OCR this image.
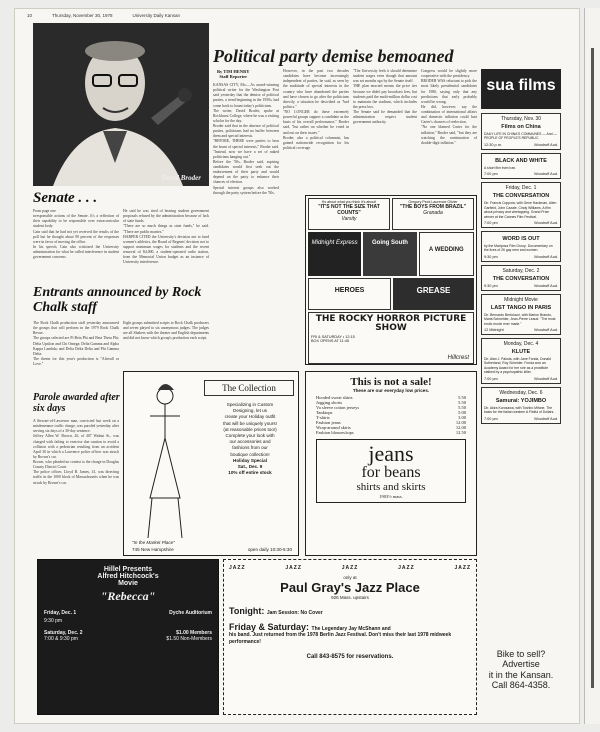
10	Thursday, November 30, 1978	University Daily Kansan
David Broder
Political party demise bemoaned
By TIM HENRY
Staff Reporter

KANSAS CITY, Mo.—As award-winning political writer for the Washington Post said yesterday that the demise of political parties, a trend beginning in the 1950s, had come back to haunt today's politicians.

The writer, David Broder, spoke at Rockhurst College, where he was a visiting scholar for the day.

Broder said that in the absence of political parties, politicians had no buffer between them and special interests.

"BEFORE, THERE were parties to bear the brunt of special interests," Broder said. "Instead, now we have a set of naked politicians hanging out."

Before the '50s, Broder said, aspiring candidates would first seek out the endorsement of their party and would depend on the party to enhance their chances of election.

Special interest groups also worked through the party system before the '50s.

However, in the past two decades candidates have become increasingly independent of parties, he said, as seen by the multitude of special interests in the country who have abandoned the parties and have chosen to go after the politicians directly, a situation he described as "bad politics."

"NO LONGER do these extremely powerful groups support a candidate as the basis of his overall performance," Broder said, "but rather on whether he voted in and out on their issues."

Broder, also a political columnist, has gained nationwide recognition for his political coverage.

"The University feels it should determine student wages even though that amount was set months ago by the Senate itself.

THE plan enacted means the price tier because we didn't pay broadcast fees, but students paid the multi-million dollar cost to maintain the stadium, which includes the press box.

The Senate said he demanded that the administration respect student government authority.

Congress would be slightly more cooperative with the presidency.

BRODER WAS reluctant to pick the most likely presidential candidates for 1980, saying only that any predictions that early probably would be wrong.

He did, however, say the combination of international affairs and domestic inflation could hurt Carter's chances of reelection.

"No one blamed Carter for the inflation," Broder said, "but they are watching the continuation of double-digit inflation."

Senate . . .

From page one

irresponsible actions of the Senate. It's a reflection of their capability to be responsible over extracurricular student body.

Cain said that he had not yet received the results of the poll but he thought about 90 percent of the responses were in favor of moving the office.

In his speech, Cain also criticized the University administration for what he called interference in student government concerns.

He said he was tired of hearing student government proposals refused by the administration because of lack of state funds.

"There are so much things as state funds," he said. "There are public monies."

HARPER CITED the University's decision not to fund women's athletics, the Board of Regents' decision not to support minimum wages for students and the recent removal of $4,000, a student-operated radio station, from the Memorial Union budget as an instance of University interference.

Entrants announced by Rock Chalk staff

The Rock Chalk production staff yesterday announced the groups that will perform in the 1979 Rock Chalk Revue.

The groups selected are Pi Beta Phi and Beta Theta Phi; Delta Upsilon and Chi Omega; Delta Gamma and Alpha Kappa Lambda; and Delta Delta Delta and Phi Gamma Delta.

The theme for this year's production is "Afterall or Love."

Eight groups submitted scripts to Rock Chalk producers and seven played to six anonymous judges. The judges are all Shakers with the theater and English departments and did not know which group's production each script.

Parole awarded after six days

A Stewart-of-Lawrence man, convicted last week on a misdemeanor traffic charge, was paroled yesterday after serving six days of a 30-day sentence.

Jeffrey Allen W. Brown, 26, of 407 Walnut St., was charged with failing to exercise due caution to avoid a collision with a pedestrian resulting from an accident April 30 in which a Lawrence police officer was struck by Brown's car.

Brown, who pleaded no contest to the charge in Douglas County District Court.

The police officer, Lloyd B. James, 41, was directing traffic in the 1000 block of Massachusetts when he was struck by Brown's car.

It's about what you think it's about!
"IT'S NOT THE SIZE THAT COUNTS"
Varsity
Gregory Peck Laurence Olivier
"THE BOYS FROM BRAZIL"
Granada
Midnight Express	Going South
A WEDDING
HEROES	GREASE
THE ROCKY HORROR PICTURE SHOW
FRI & SATURDAY • 12:15
BOX OPENS AT 11:45
Hillcrest
The Collection
Specializing in Custom
Designing, let us
create your Holiday outfit
that will be uniquely yours!
(at reasonable prices too!)
Complete your look with
our accessories and
fashions from our
boutique collection!
Holiday Special
Sat., Dec. 9
10% off entire stock
"In the Market Place"
745 New Hampshire	open daily 10:30-5:30
This is not a sale!
These are our everyday low prices.
Hooded sweat shirts	5.50
Jogging shorts	5.50
Va sleeve cotton jerseys	5.50
Tanktops	5.00
T-shirts	3.00
Fashion jeans	12.00
Wrap-around skirts	12.00
Fashion blouses/tops	12.50
jeans
for beans
shirts and skirts
1903½ mass.
Hillel Presents
Alfred Hitchcock's
Movie
"Rebecca"
Friday, Dec. 1	Dyche Auditorium
9:30 pm
Saturday, Dec. 2	$1.00 Members
7:00 & 9:30 pm	$1.50 Non-Members
JAZZ	JAZZ	JAZZ	JAZZ	JAZZ
only at
Paul Gray's Jazz Place
926 Mass. upstairs
Tonight: Jam Session: No Cover
Friday & Saturday: The Legendary Jay McShann and
his band. Just returned from the 1978 Berlin Jazz Festival. Don't miss their last 1978 midweek performance!
Call 843-8575 for reservations.
sua films
Thursday, Nov. 30
Films on China
DAILY LIFE IN CHINA'S COMMUNES — And — PEOPLE OF PEOPLE'S REPUBLIC
12:30 p.m.	Woodruff Aud.
BLACK AND WHITE
A short film from Iran.
7:00 pm	Woodruff Aud.
Friday, Dec. 1
THE CONVERSATION
Dir. Francis Coppola, with Gene Hackman, Allen Garfield, John Cazale, Cindy Williams. A film about privacy and wiretapping. Grand Prize winner at the Cannes Film Festival.
7:00 pm	Woodruff Aud.
WORD IS OUT
by the Mariposa Film Group. Documentary on the lives of 26 gay men and women.
9:30 pm	Woodruff Aud.
Saturday, Dec. 2
THE CONVERSATION
9:30 pm	Woodruff Aud.
Midnight Movie
LAST TANGO IN PARIS
Dir. Bernardo Bertolucci, with Marlon Brando, Maria Schneider, Jean-Pierre Leaud. "The most erotic movie ever made."
12 Midnight	Woodruff Aud.
Monday, Dec. 4
KLUTE
Dir. Alan J. Pakula, with Jane Fonda, Donald Sutherland, Roy Scheider. Fonda won an Academy Award for her role as a prostitute stalked by a psychopathic killer.
7:00 pm	Woodruff Aud.
Wednesday, Dec. 6
Samurai: YOJIMBO
Dir. Akira Kurosawa, with Toshiro Mifune. The basis for the Italian western A Fistful of Dollars.
7:00 pm	Woodruff Aud.
Bike to sell?
Advertise
it in the Kansan.
Call 864-4358.
